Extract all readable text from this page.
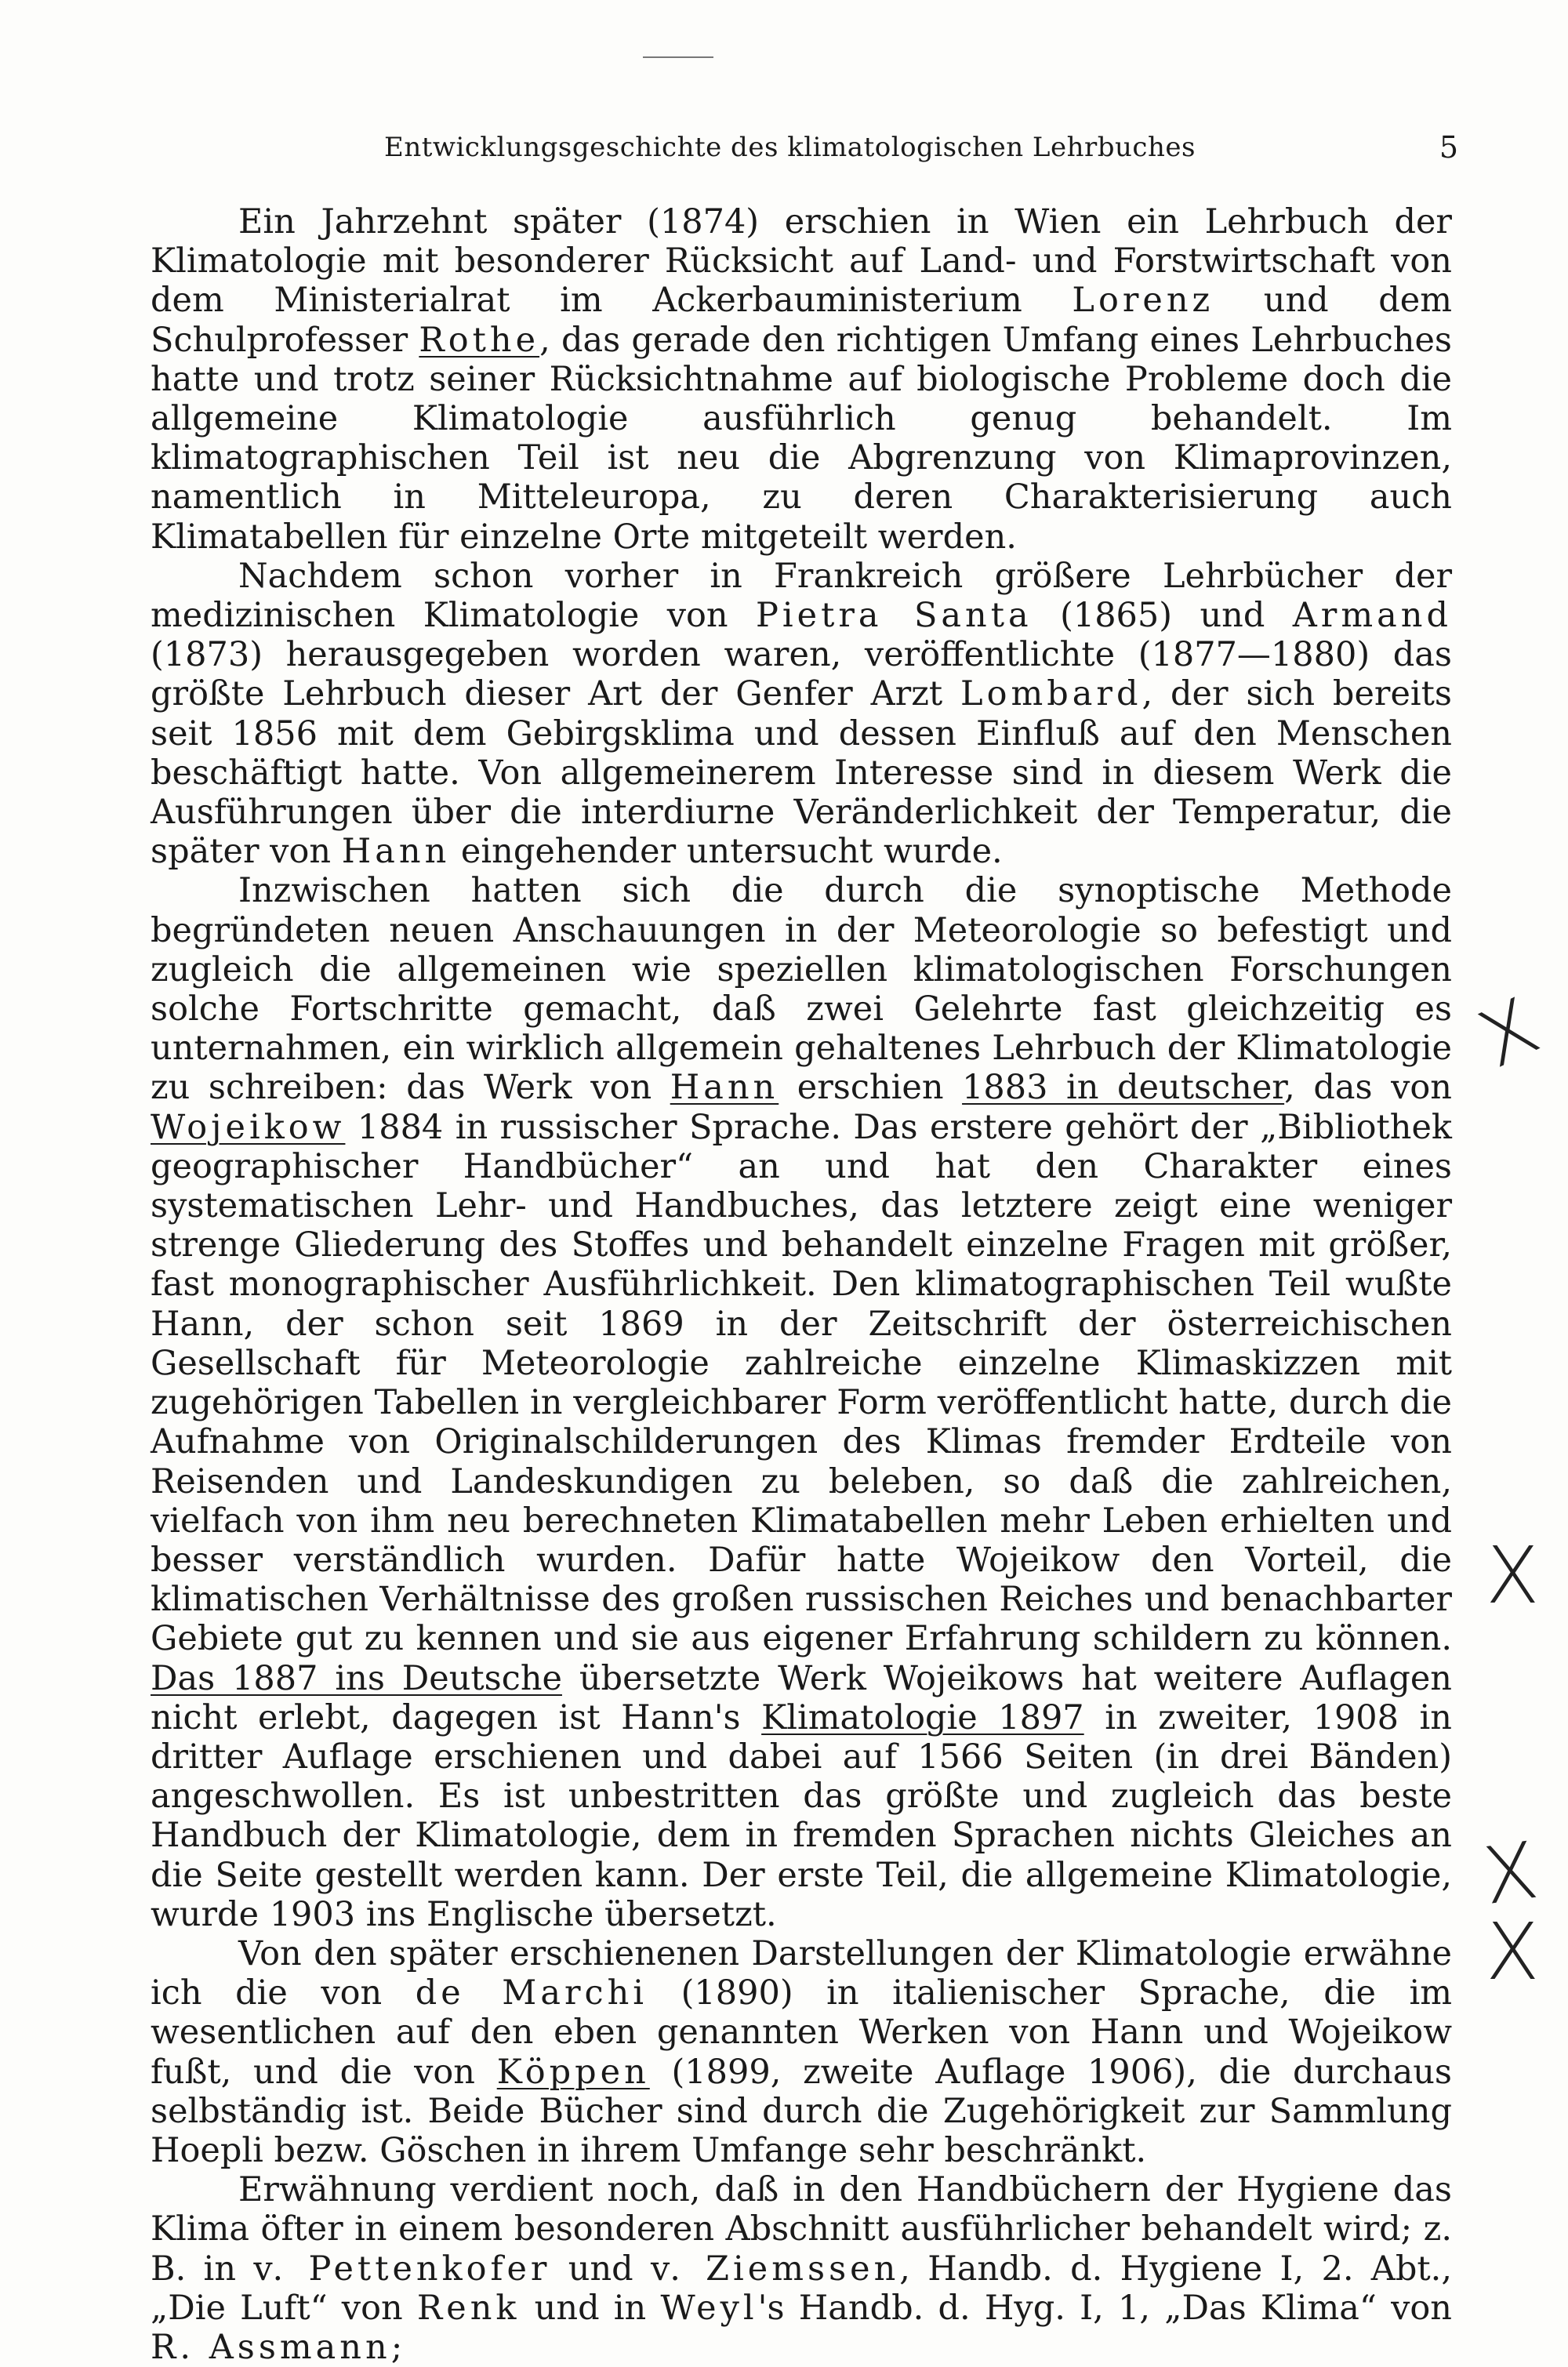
Entwicklungsgeschichte des klimatologischen Lehrbuches	5

Ein Jahrzehnt später (1874) erschien in Wien ein Lehrbuch der Klimatologie mit besonderer Rücksicht auf Land- und Forstwirtschaft von dem Ministerialrat im Ackerbauministerium Lorenz und dem Schulprofesser Rothe, das gerade den richtigen Umfang eines Lehrbuches hatte und trotz seiner Rücksichtnahme auf biologische Probleme doch die allgemeine Klimatologie ausführlich genug behandelt. Im klimatographischen Teil ist neu die Abgrenzung von Klimaprovinzen, namentlich in Mitteleuropa, zu deren Charakterisierung auch Klimatabellen für einzelne Orte mitgeteilt werden.

Nachdem schon vorher in Frankreich größere Lehrbücher der medizinischen Klimatologie von Pietra Santa (1865) und Armand (1873) herausgegeben worden waren, veröffentlichte (1877—1880) das größte Lehrbuch dieser Art der Genfer Arzt Lombard, der sich bereits seit 1856 mit dem Gebirgsklima und dessen Einfluß auf den Menschen beschäftigt hatte. Von allgemeinerem Interesse sind in diesem Werk die Ausführungen über die interdiurne Veränderlichkeit der Temperatur, die später von Hann eingehender untersucht wurde.

Inzwischen hatten sich die durch die synoptische Methode begründeten neuen Anschauungen in der Meteorologie so befestigt und zugleich die allgemeinen wie speziellen klimatologischen Forschungen solche Fortschritte gemacht, daß zwei Gelehrte fast gleichzeitig es unternahmen, ein wirklich allgemein gehaltenes Lehrbuch der Klimatologie zu schreiben: das Werk von Hann erschien 1883 in deutscher, das von Wojeikow 1884 in russischer Sprache. Das erstere gehört der „Bibliothek geographischer Handbücher“ an und hat den Charakter eines systematischen Lehr- und Handbuches, das letztere zeigt eine weniger strenge Gliederung des Stoffes und behandelt einzelne Fragen mit größer, fast monographischer Ausführlichkeit. Den klimatographischen Teil wußte Hann, der schon seit 1869 in der Zeitschrift der österreichischen Gesellschaft für Meteorologie zahlreiche einzelne Klimaskizzen mit zugehörigen Tabellen in vergleichbarer Form veröffentlicht hatte, durch die Aufnahme von Originalschilderungen des Klimas fremder Erdteile von Reisenden und Landeskundigen zu beleben, so daß die zahlreichen, vielfach von ihm neu berechneten Klimatabellen mehr Leben erhielten und besser verständlich wurden. Dafür hatte Wojeikow den Vorteil, die klimatischen Verhältnisse des großen russischen Reiches und benachbarter Gebiete gut zu kennen und sie aus eigener Erfahrung schildern zu können. Das 1887 ins Deutsche übersetzte Werk Wojeikows hat weitere Auflagen nicht erlebt, dagegen ist Hann's Klimatologie 1897 in zweiter, 1908 in dritter Auflage erschienen und dabei auf 1566 Seiten (in drei Bänden) angeschwollen. Es ist unbestritten das größte und zugleich das beste Handbuch der Klimatologie, dem in fremden Sprachen nichts Gleiches an die Seite gestellt werden kann. Der erste Teil, die allgemeine Klimatologie, wurde 1903 ins Englische übersetzt.

Von den später erschienenen Darstellungen der Klimatologie erwähne ich die von de Marchi (1890) in italienischer Sprache, die im wesentlichen auf den eben genannten Werken von Hann und Wojeikow fußt, und die von Köppen (1899, zweite Auflage 1906), die durchaus selbständig ist. Beide Bücher sind durch die Zugehörigkeit zur Sammlung Hoepli bezw. Göschen in ihrem Umfange sehr beschränkt.

Erwähnung verdient noch, daß in den Handbüchern der Hygiene das Klima öfter in einem besonderen Abschnitt ausführlicher behandelt wird; z. B. in v. Pettenkofer und v. Ziemssen, Handb. d. Hygiene I, 2. Abt., „Die Luft“ von Renk und in Weyl's Handb. d. Hyg. I, 1, „Das Klima“ von R. Assmann;

X
X
X
X
